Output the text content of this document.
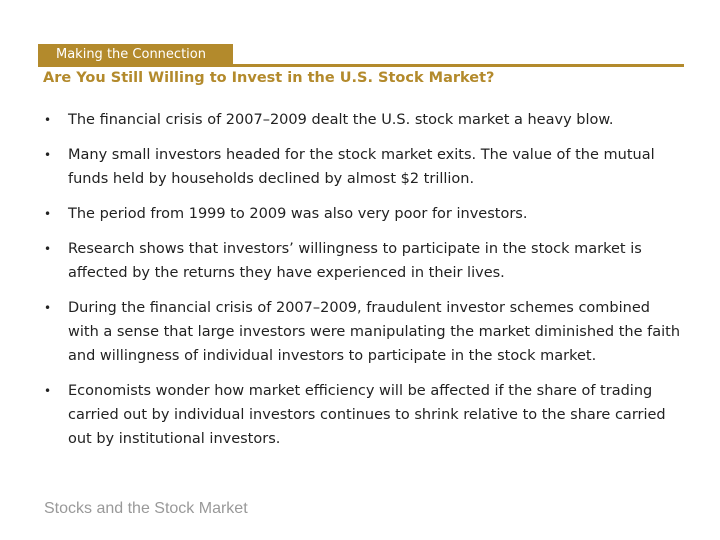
Making the Connection
Are You Still Willing to Invest in the U.S. Stock Market?
• The financial crisis of 2007–2009 dealt the U.S. stock market a heavy blow.
• Many small investors headed for the stock market exits. The value of the mutual funds held by households declined by almost $2 trillion.
• The period from 1999 to 2009 was also very poor for investors.
• Research shows that investors’ willingness to participate in the stock market is affected by the returns they have experienced in their lives.
• During the financial crisis of 2007–2009, fraudulent investor schemes combined with a sense that large investors were manipulating the market diminished the faith and willingness of individual investors to participate in the stock market.
• Economists wonder how market efficiency will be affected if the share of trading carried out by individual investors continues to shrink relative to the share carried out by institutional investors.
Stocks and the Stock Market
